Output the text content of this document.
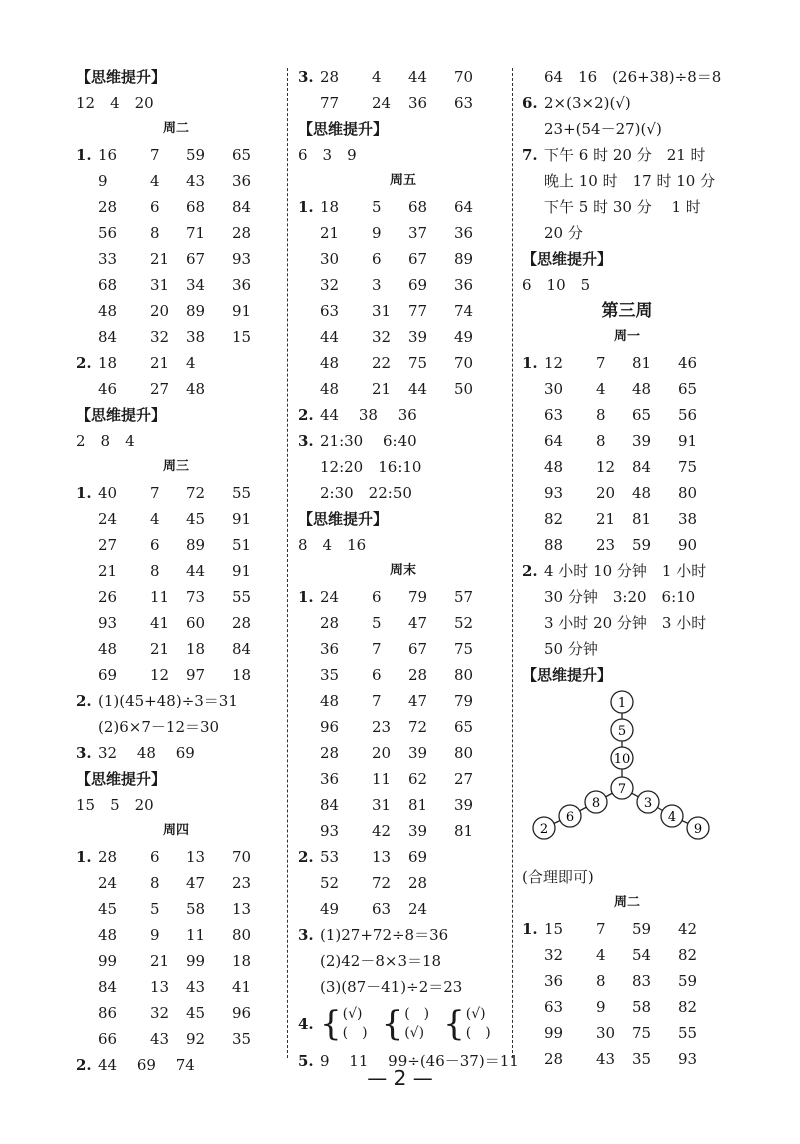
【思维提升】
12　4　20
周二
1. 16 7 59 65
9	4 43 36
28 6 68 84
56 8 71 28
33 21 67 93
68 31 34 36
48 20 89 91
84 32 38 15
2. 18 21 4
46 27 48
【思维提升】
2　8　4
周三
1. 40 7 72 55
24 4 45 91
27 6 89 51
21 8 44 91
26 11 73 55
93 41 60 28
48 21 18 84
69 12 97 18
2. (1)(45+48)÷3＝31
(2)6×7－12＝30
3. 32　 48　 69
【思维提升】
15　5　20
周四
1. 28 6 13 70
24 8 47 23
45 5 58 13
48 9 11 80
99 21 99 18
84 13 43 41
86 32 45 96
66 43 92 35
2. 44　 69　 74
3. 28 4 44 70
77 24 36 63
【思维提升】
6　3　9
周五
1. 18 5 68 64
21 9 37 36
30 6 67 89
32 3 69 36
63 31 77 74
44 32 39 49
48 22 75 70
48 21 44 50
2. 44　 38　 36
3. 21:30　 6:40
12:20　16:10
2:30　22:50
【思维提升】
8　4　16
周末
1. 24 6 79 57
28 5 47 52
36 7 67 75
35 6 28 80
48 7 47 79
96 23 72 65
28 20 39 80
36 11 62 27
84 31 81 39
93 42 39 81
2. 53 13 69
52 72 28
49 63 24
3. (1)27+72÷8＝36
(2)42－8×3＝18
(3)(87－41)÷2＝23
4. { (√)
(　) { (　)
(√) { (√)
(　)
5. 9　 11　 99÷(46－37)＝11
64　16　(26+38)÷8＝8
6. 2×(3×2)(√)
23+(54－27)(√)
7. 下午 6 时 20 分　21 时
晚上 10 时　17 时 10 分
下午 5 时 30 分　 1 时
20 分
【思维提升】
6　10　5
第三周
周一
1. 12 7 81 46
30 4 48 65
63 8 65 56
64 8 39 91
48 12 84 75
93 20 48 80
82 21 81 38
88 23 59 90
2. 4 小时 10 分钟　1 小时
30 分钟　3:20　6:10
3 小时 20 分钟　3 小时
50 分钟
【思维提升】
1
5
10
7
8
6
2
3
4
9
(合理即可)
周二
1. 15 7 59 42
32 4 54 82
36 8 83 59
63 9 58 82
99 30 75 55
28 43 35 93
— 2 —
